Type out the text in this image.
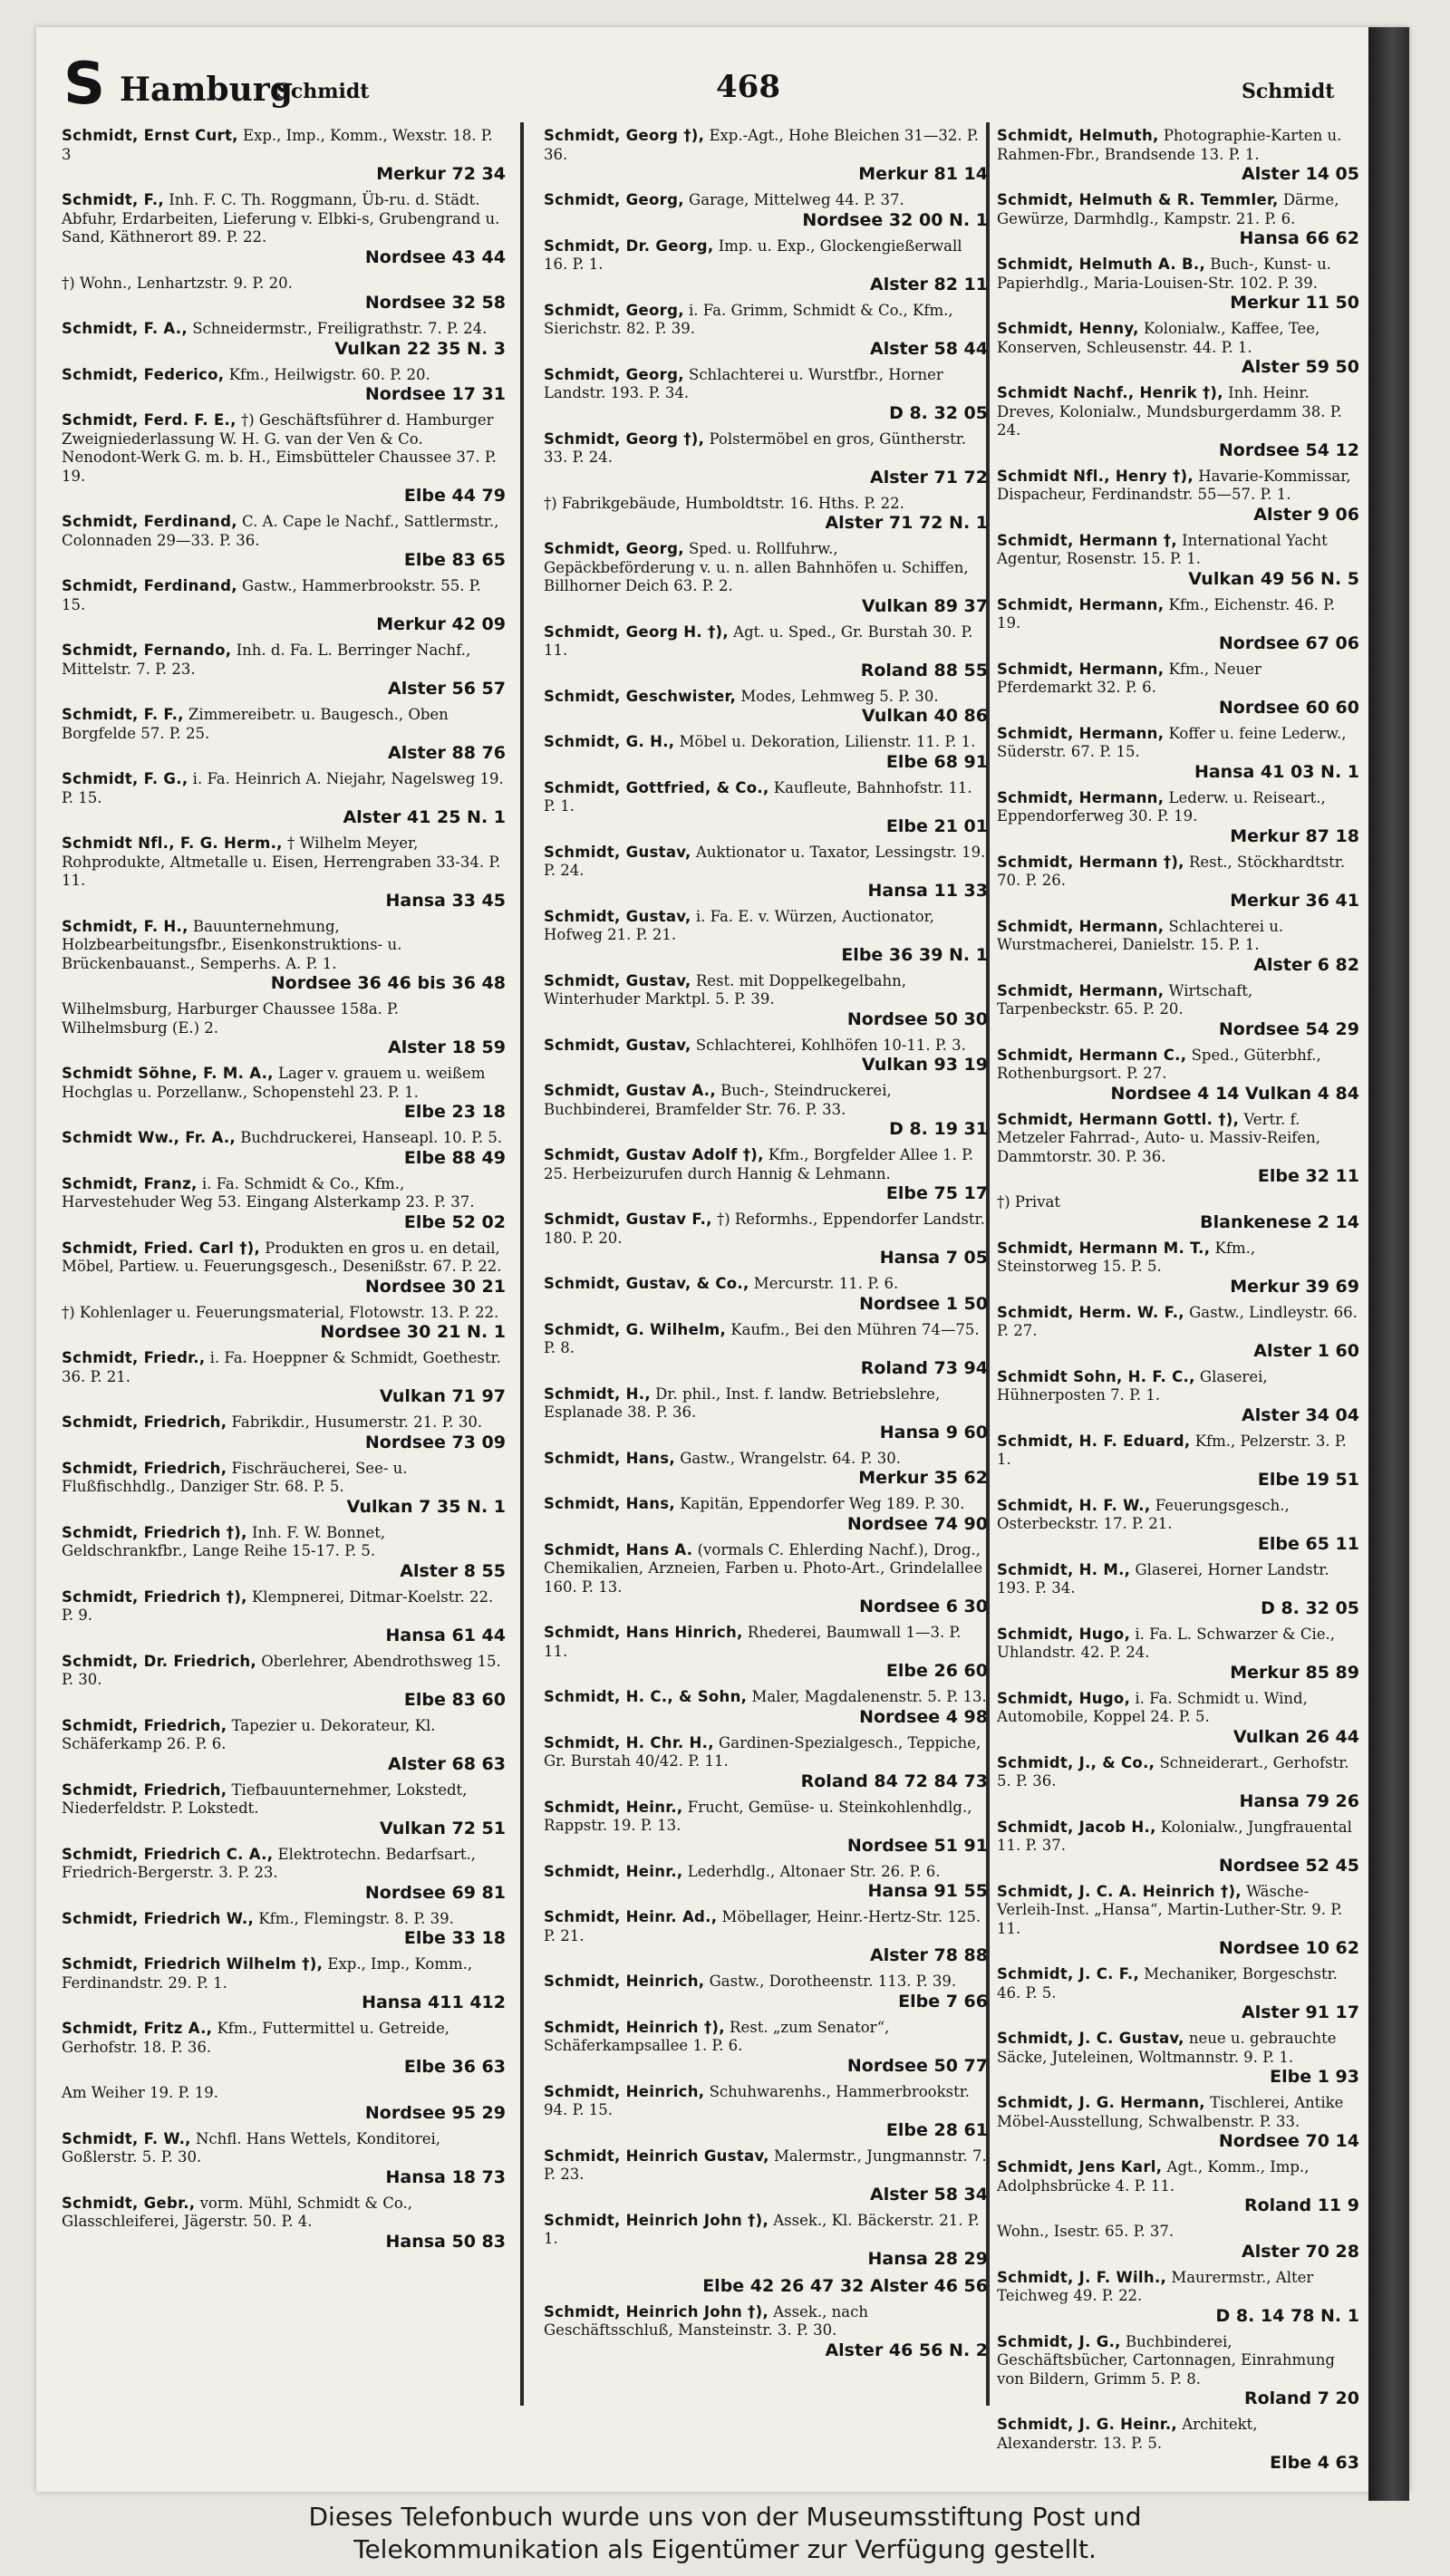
S Hamburg
Schmidt	468	Schmidt
Schmidt, Ernst Curt, Exp., Imp., Komm., Wexstr. 18. P. 3
Merkur 72 34
Schmidt, F., Inh. F. C. Th. Roggmann, Üb-ru. d. Städt. Abfuhr, Erdarbeiten, Lieferung v. Elbki-s, Grubengrand u. Sand, Käthnerort 89. P. 22.
Nordsee 43 44
†) Wohn., Lenhartzstr. 9. P. 20.
Nordsee 32 58
Schmidt, F. A., Schneidermstr., Freiligrathstr. 7. P. 24.
Vulkan 22 35 N. 3
Schmidt, Federico, Kfm., Heilwigstr. 60. P. 20.
Nordsee 17 31
Schmidt, Ferd. F. E., †) Geschäftsführer d. Hamburger Zweigniederlassung W. H. G. van der Ven & Co. Nenodont-Werk G. m. b. H., Eimsbütteler Chaussee 37. P. 19.
Elbe 44 79
Schmidt, Ferdinand, C. A. Cape le Nachf., Sattlermstr., Colonnaden 29—33. P. 36.
Elbe 83 65
Schmidt, Ferdinand, Gastw., Hammerbrookstr. 55. P. 15.
Merkur 42 09
Schmidt, Fernando, Inh. d. Fa. L. Berringer Nachf., Mittelstr. 7. P. 23.
Alster 56 57
Schmidt, F. F., Zimmereibetr. u. Baugesch., Oben Borgfelde 57. P. 25.
Alster 88 76
Schmidt, F. G., i. Fa. Heinrich A. Niejahr, Nagelsweg 19. P. 15.
Alster 41 25 N. 1
Schmidt Nfl., F. G. Herm., † Wilhelm Meyer, Rohprodukte, Altmetalle u. Eisen, Herrengraben 33-34. P. 11.
Hansa 33 45
Schmidt, F. H., Bauunternehmung, Holzbearbeitungsfbr., Eisenkonstruktions- u. Brückenbauanst., Semperhs. A. P. 1.
Nordsee 36 46 bis 36 48
Wilhelmsburg, Harburger Chaussee 158a. P. Wilhelmsburg (E.) 2.
Alster 18 59
Schmidt Söhne, F. M. A., Lager v. grauem u. weißem Hochglas u. Porzellanw., Schopenstehl 23. P. 1.
Elbe 23 18
Schmidt Ww., Fr. A., Buchdruckerei, Hanseapl. 10. P. 5.
Elbe 88 49
Schmidt, Franz, i. Fa. Schmidt & Co., Kfm., Harvestehuder Weg 53. Eingang Alsterkamp 23. P. 37.
Elbe 52 02
Schmidt, Fried. Carl †), Produkten en gros u. en detail, Möbel, Partiew. u. Feuerungsgesch., Desenißstr. 67. P. 22.
Nordsee 30 21
†) Kohlenlager u. Feuerungsmaterial, Flotowstr. 13. P. 22.
Nordsee 30 21 N. 1
Schmidt, Friedr., i. Fa. Hoeppner & Schmidt, Goethestr. 36. P. 21.
Vulkan 71 97
Schmidt, Friedrich, Fabrikdir., Husumerstr. 21. P. 30.
Nordsee 73 09
Schmidt, Friedrich, Fischräucherei, See- u. Flußfischhdlg., Danziger Str. 68. P. 5.
Vulkan 7 35 N. 1
Schmidt, Friedrich †), Inh. F. W. Bonnet, Geldschrankfbr., Lange Reihe 15-17. P. 5.
Alster 8 55
Schmidt, Friedrich †), Klempnerei, Ditmar-Koelstr. 22. P. 9.
Hansa 61 44
Schmidt, Dr. Friedrich, Oberlehrer, Abendrothsweg 15. P. 30.
Elbe 83 60
Schmidt, Friedrich, Tapezier u. Dekorateur, Kl. Schäferkamp 26. P. 6.
Alster 68 63
Schmidt, Friedrich, Tiefbauunternehmer, Lokstedt, Niederfeldstr. P. Lokstedt.
Vulkan 72 51
Schmidt, Friedrich C. A., Elektrotechn. Bedarfsart., Friedrich-Bergerstr. 3. P. 23.
Nordsee 69 81
Schmidt, Friedrich W., Kfm., Flemingstr. 8. P. 39.
Elbe 33 18
Schmidt, Friedrich Wilhelm †), Exp., Imp., Komm., Ferdinandstr. 29. P. 1.
Hansa 411 412
Schmidt, Fritz A., Kfm., Futtermittel u. Getreide, Gerhofstr. 18. P. 36.
Elbe 36 63
Am Weiher 19. P. 19.
Nordsee 95 29
Schmidt, F. W., Nchfl. Hans Wettels, Konditorei, Goßlerstr. 5. P. 30.
Hansa 18 73
Schmidt, Gebr., vorm. Mühl, Schmidt & Co., Glasschleiferei, Jägerstr. 50. P. 4.
Hansa 50 83
Schmidt, Georg †), Exp.-Agt., Hohe Bleichen 31—32. P. 36.
Merkur 81 14
Schmidt, Georg, Garage, Mittelweg 44. P. 37.
Nordsee 32 00 N. 1
Schmidt, Dr. Georg, Imp. u. Exp., Glockengießerwall 16. P. 1.
Alster 82 11
Schmidt, Georg, i. Fa. Grimm, Schmidt & Co., Kfm., Sierichstr. 82. P. 39.
Alster 58 44
Schmidt, Georg, Schlachterei u. Wurstfbr., Horner Landstr. 193. P. 34.
D 8. 32 05
Schmidt, Georg †), Polstermöbel en gros, Güntherstr. 33. P. 24.
Alster 71 72
†) Fabrikgebäude, Humboldtstr. 16. Hths. P. 22.
Alster 71 72 N. 1
Schmidt, Georg, Sped. u. Rollfuhrw., Gepäckbeförderung v. u. n. allen Bahnhöfen u. Schiffen, Billhorner Deich 63. P. 2.
Vulkan 89 37
Schmidt, Georg H. †), Agt. u. Sped., Gr. Burstah 30. P. 11.
Roland 88 55
Schmidt, Geschwister, Modes, Lehmweg 5. P. 30.
Vulkan 40 86
Schmidt, G. H., Möbel u. Dekoration, Lilienstr. 11. P. 1.
Elbe 68 91
Schmidt, Gottfried, & Co., Kaufleute, Bahnhofstr. 11. P. 1.
Elbe 21 01
Schmidt, Gustav, Auktionator u. Taxator, Lessingstr. 19. P. 24.
Hansa 11 33
Schmidt, Gustav, i. Fa. E. v. Würzen, Auctionator, Hofweg 21. P. 21.
Elbe 36 39 N. 1
Schmidt, Gustav, Rest. mit Doppelkegelbahn, Winterhuder Marktpl. 5. P. 39.
Nordsee 50 30
Schmidt, Gustav, Schlachterei, Kohlhöfen 10-11. P. 3.
Vulkan 93 19
Schmidt, Gustav A., Buch-, Steindruckerei, Buchbinderei, Bramfelder Str. 76. P. 33.
D 8. 19 31
Schmidt, Gustav Adolf †), Kfm., Borgfelder Allee 1. P. 25. Herbeizurufen durch Hannig & Lehmann.
Elbe 75 17
Schmidt, Gustav F., †) Reformhs., Eppendorfer Landstr. 180. P. 20.
Hansa 7 05
Schmidt, Gustav, & Co., Mercurstr. 11. P. 6.
Nordsee 1 50
Schmidt, G. Wilhelm, Kaufm., Bei den Mühren 74—75. P. 8.
Roland 73 94
Schmidt, H., Dr. phil., Inst. f. landw. Betriebslehre, Esplanade 38. P. 36.
Hansa 9 60
Schmidt, Hans, Gastw., Wrangelstr. 64. P. 30.
Merkur 35 62
Schmidt, Hans, Kapitän, Eppendorfer Weg 189. P. 30.
Nordsee 74 90
Schmidt, Hans A. (vormals C. Ehlerding Nachf.), Drog., Chemikalien, Arzneien, Farben u. Photo-Art., Grindelallee 160. P. 13.
Nordsee 6 30
Schmidt, Hans Hinrich, Rhederei, Baumwall 1—3. P. 11.
Elbe 26 60
Schmidt, H. C., & Sohn, Maler, Magdalenenstr. 5. P. 13.
Nordsee 4 98
Schmidt, H. Chr. H., Gardinen-Spezialgesch., Teppiche, Gr. Burstah 40/42. P. 11.
Roland 84 72 84 73
Schmidt, Heinr., Frucht, Gemüse- u. Steinkohlenhdlg., Rappstr. 19. P. 13.
Nordsee 51 91
Schmidt, Heinr., Lederhdlg., Altonaer Str. 26. P. 6.
Hansa 91 55
Schmidt, Heinr. Ad., Möbellager, Heinr.-Hertz-Str. 125. P. 21.
Alster 78 88
Schmidt, Heinrich, Gastw., Dorotheenstr. 113. P. 39.
Elbe 7 66
Schmidt, Heinrich †), Rest. „zum Senator“, Schäferkampsallee 1. P. 6.
Nordsee 50 77
Schmidt, Heinrich, Schuhwarenhs., Hammerbrookstr. 94. P. 15.
Elbe 28 61
Schmidt, Heinrich Gustav, Malermstr., Jungmannstr. 7. P. 23.
Alster 58 34
Schmidt, Heinrich John †), Assek., Kl. Bäckerstr. 21. P. 1.
Hansa 28 29
Elbe 42 26 47 32 Alster 46 56
Schmidt, Heinrich John †), Assek., nach Geschäftsschluß, Mansteinstr. 3. P. 30.
Alster 46 56 N. 2
Schmidt, Helmuth, Photographie-Karten u. Rahmen-Fbr., Brandsende 13. P. 1.
Alster 14 05
Schmidt, Helmuth & R. Temmler, Därme, Gewürze, Darmhdlg., Kampstr. 21. P. 6.
Hansa 66 62
Schmidt, Helmuth A. B., Buch-, Kunst- u. Papierhdlg., Maria-Louisen-Str. 102. P. 39.
Merkur 11 50
Schmidt, Henny, Kolonialw., Kaffee, Tee, Konserven, Schleusenstr. 44. P. 1.
Alster 59 50
Schmidt Nachf., Henrik †), Inh. Heinr. Dreves, Kolonialw., Mundsburgerdamm 38. P. 24.
Nordsee 54 12
Schmidt Nfl., Henry †), Havarie-Kommissar, Dispacheur, Ferdinandstr. 55—57. P. 1.
Alster 9 06
Schmidt, Hermann †, International Yacht Agentur, Rosenstr. 15. P. 1.
Vulkan 49 56 N. 5
Schmidt, Hermann, Kfm., Eichenstr. 46. P. 19.
Nordsee 67 06
Schmidt, Hermann, Kfm., Neuer Pferdemarkt 32. P. 6.
Nordsee 60 60
Schmidt, Hermann, Koffer u. feine Lederw., Süderstr. 67. P. 15.
Hansa 41 03 N. 1
Schmidt, Hermann, Lederw. u. Reiseart., Eppendorferweg 30. P. 19.
Merkur 87 18
Schmidt, Hermann †), Rest., Stöckhardtstr. 70. P. 26.
Merkur 36 41
Schmidt, Hermann, Schlachterei u. Wurstmacherei, Danielstr. 15. P. 1.
Alster 6 82
Schmidt, Hermann, Wirtschaft, Tarpenbeckstr. 65. P. 20.
Nordsee 54 29
Schmidt, Hermann C., Sped., Güterbhf., Rothenburgsort. P. 27.
Nordsee 4 14 Vulkan 4 84
Schmidt, Hermann Gottl. †), Vertr. f. Metzeler Fahrrad-, Auto- u. Massiv-Reifen, Dammtorstr. 30. P. 36.
Elbe 32 11
†) Privat
Blankenese 2 14
Schmidt, Hermann M. T., Kfm., Steinstorweg 15. P. 5.
Merkur 39 69
Schmidt, Herm. W. F., Gastw., Lindleystr. 66. P. 27.
Alster 1 60
Schmidt Sohn, H. F. C., Glaserei, Hühnerposten 7. P. 1.
Alster 34 04
Schmidt, H. F. Eduard, Kfm., Pelzerstr. 3. P. 1.
Elbe 19 51
Schmidt, H. F. W., Feuerungsgesch., Osterbeckstr. 17. P. 21.
Elbe 65 11
Schmidt, H. M., Glaserei, Horner Landstr. 193. P. 34.
D 8. 32 05
Schmidt, Hugo, i. Fa. L. Schwarzer & Cie., Uhlandstr. 42. P. 24.
Merkur 85 89
Schmidt, Hugo, i. Fa. Schmidt u. Wind, Automobile, Koppel 24. P. 5.
Vulkan 26 44
Schmidt, J., & Co., Schneiderart., Gerhofstr. 5. P. 36.
Hansa 79 26
Schmidt, Jacob H., Kolonialw., Jungfrauental 11. P. 37.
Nordsee 52 45
Schmidt, J. C. A. Heinrich †), Wäsche-Verleih-Inst. „Hansa“, Martin-Luther-Str. 9. P. 11.
Nordsee 10 62
Schmidt, J. C. F., Mechaniker, Borgeschstr. 46. P. 5.
Alster 91 17
Schmidt, J. C. Gustav, neue u. gebrauchte Säcke, Juteleinen, Woltmannstr. 9. P. 1.
Elbe 1 93
Schmidt, J. G. Hermann, Tischlerei, Antike Möbel-Ausstellung, Schwalbenstr. P. 33.
Nordsee 70 14
Schmidt, Jens Karl, Agt., Komm., Imp., Adolphsbrücke 4. P. 11.
Roland 11 9
Wohn., Isestr. 65. P. 37.
Alster 70 28
Schmidt, J. F. Wilh., Maurermstr., Alter Teichweg 49. P. 22.
D 8. 14 78 N. 1
Schmidt, J. G., Buchbinderei, Geschäftsbücher, Cartonnagen, Einrahmung von Bildern, Grimm 5. P. 8.
Roland 7 20
Schmidt, J. G. Heinr., Architekt, Alexanderstr. 13. P. 5.
Elbe 4 63
Dieses Telefonbuch wurde uns von der Museumsstiftung Post und
Telekommunikation als Eigentümer zur Verfügung gestellt.
